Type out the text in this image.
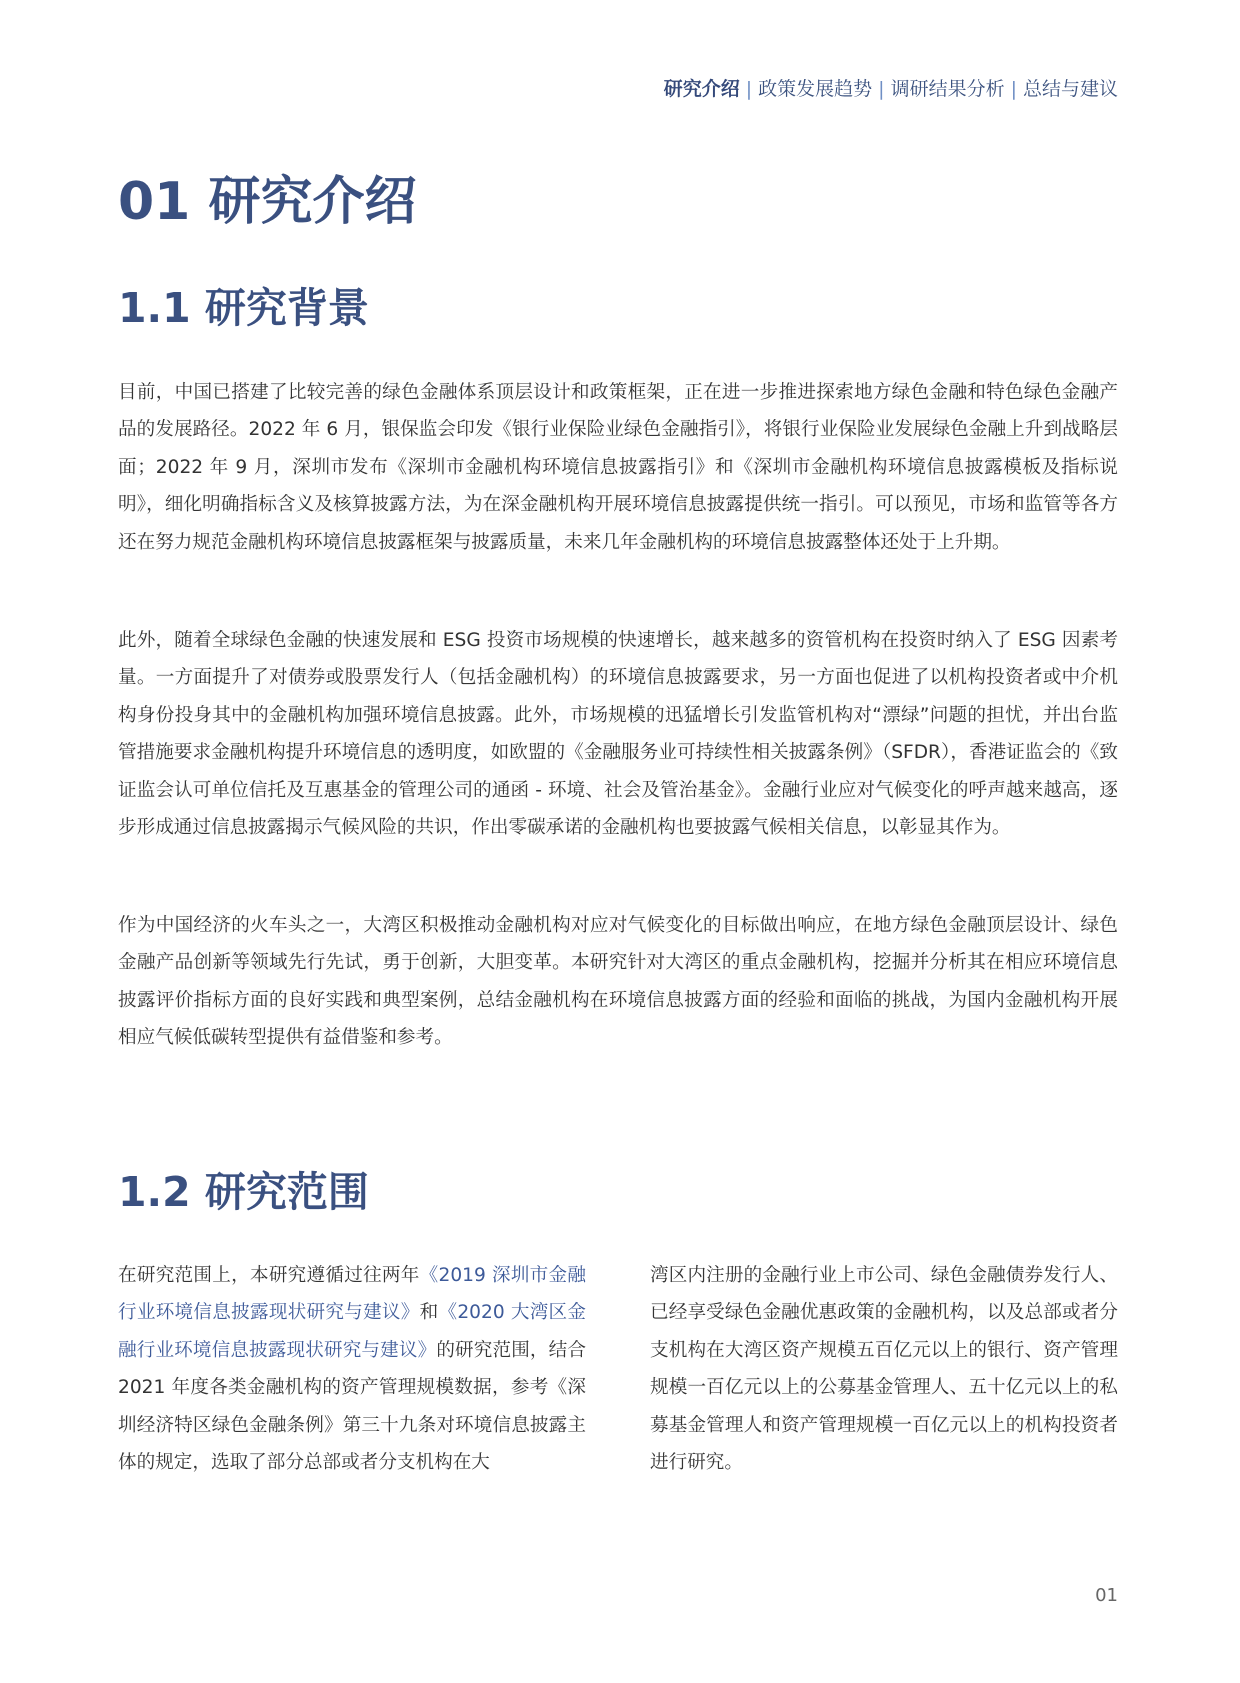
研究介绍 | 政策发展趋势 | 调研结果分析 | 总结与建议
01 研究介绍
1.1 研究背景

目前，中国已搭建了比较完善的绿色金融体系顶层设计和政策框架，正在进一步推进探索地方绿色金融和特色绿色金融产品的发展路径。2022 年 6 月，银保监会印发《银行业保险业绿色金融指引》，将银行业保险业发展绿色金融上升到战略层面；2022 年 9 月，深圳市发布《深圳市金融机构环境信息披露指引》和《深圳市金融机构环境信息披露模板及指标说明》，细化明确指标含义及核算披露方法，为在深金融机构开展环境信息披露提供统一指引。可以预见，市场和监管等各方还在努力规范金融机构环境信息披露框架与披露质量，未来几年金融机构的环境信息披露整体还处于上升期。

此外，随着全球绿色金融的快速发展和 ESG 投资市场规模的快速增长，越来越多的资管机构在投资时纳入了 ESG 因素考量。一方面提升了对债券或股票发行人（包括金融机构）的环境信息披露要求，另一方面也促进了以机构投资者或中介机构身份投身其中的金融机构加强环境信息披露。此外，市场规模的迅猛增长引发监管机构对“漂绿”问题的担忧，并出台监管措施要求金融机构提升环境信息的透明度，如欧盟的《金融服务业可持续性相关披露条例》（SFDR），香港证监会的《致证监会认可单位信托及互惠基金的管理公司的通函 - 环境、社会及管治基金》。金融行业应对气候变化的呼声越来越高，逐步形成通过信息披露揭示气候风险的共识，作出零碳承诺的金融机构也要披露气候相关信息，以彰显其作为。

作为中国经济的火车头之一，大湾区积极推动金融机构对应对气候变化的目标做出响应，在地方绿色金融顶层设计、绿色金融产品创新等领域先行先试，勇于创新，大胆变革。本研究针对大湾区的重点金融机构，挖掘并分析其在相应环境信息披露评价指标方面的良好实践和典型案例，总结金融机构在环境信息披露方面的经验和面临的挑战，为国内金融机构开展相应气候低碳转型提供有益借鉴和参考。

1.2 研究范围

在研究范围上，本研究遵循过往两年《2019 深圳市金融行业环境信息披露现状研究与建议》和《2020 大湾区金融行业环境信息披露现状研究与建议》的研究范围，结合 2021 年度各类金融机构的资产管理规模数据，参考《深圳经济特区绿色金融条例》第三十九条对环境信息披露主体的规定，选取了部分总部或者分支机构在大

湾区内注册的金融行业上市公司、绿色金融债券发行人、已经享受绿色金融优惠政策的金融机构，以及总部或者分支机构在大湾区资产规模五百亿元以上的银行、资产管理规模一百亿元以上的公募基金管理人、五十亿元以上的私募基金管理人和资产管理规模一百亿元以上的机构投资者进行研究。

01
